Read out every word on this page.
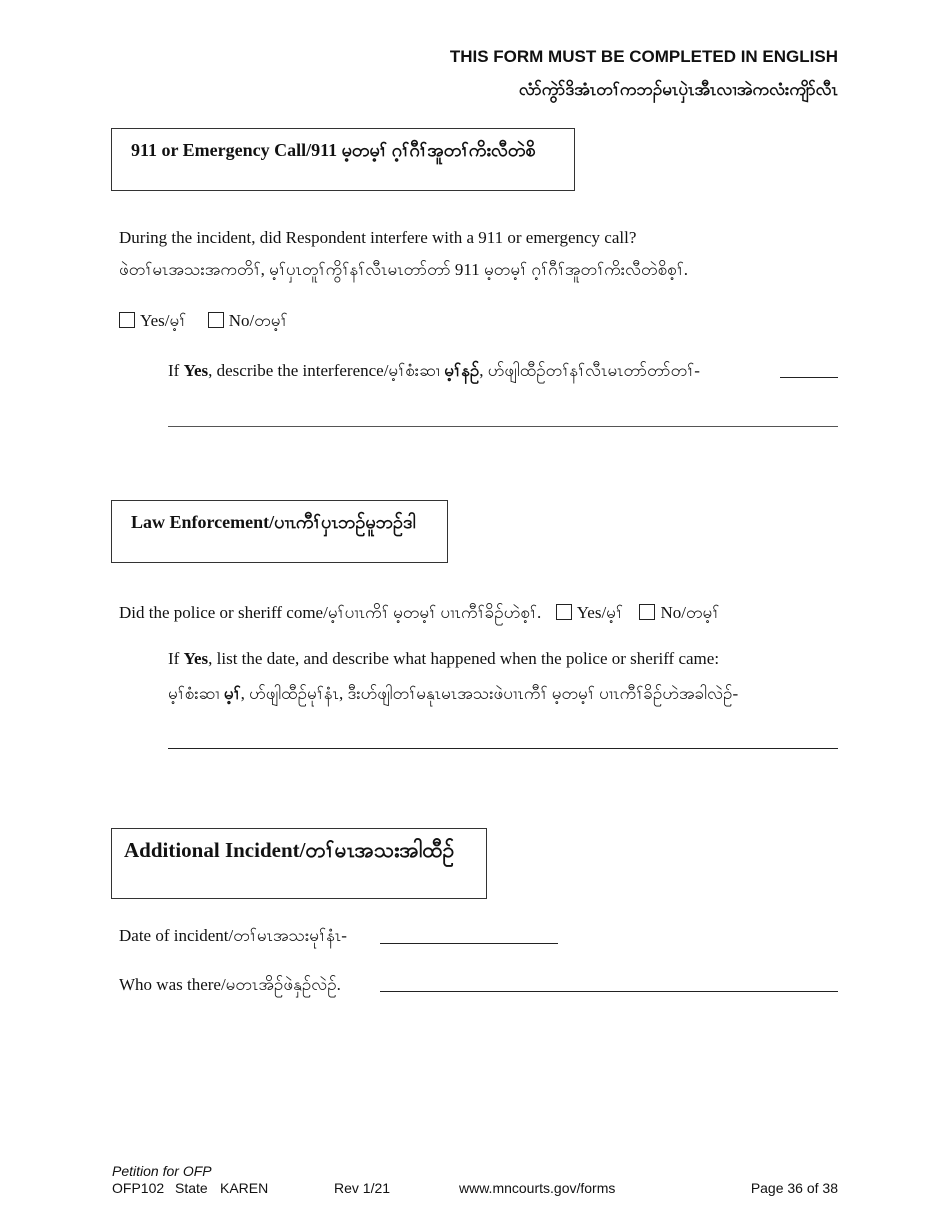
THIS FORM MUST BE COMPLETED IN ENGLISH
လံာ်ကွဲာ်ဒိအံၤတၢ်ကဘၣ်မၤပှဲၤအီၤလၢအဲကလံးကျိာ်လီၤ
911 or Emergency Call/911 မ့တမ့ၢ် ဂ့ၢ်ဂီၢ်အူတၢ်ကိးလီတဲစိ
During the incident, did Respondent interfere with a 911 or emergency call?
ဖဲတၢ်မၤအသးအကတိၢ်, မ့ၢ်ပှၤတူၢ်ကွိၢ်နၢ်လီၤမၤတာ်တာ် 911 မ့တမ့ၢ် ဂ့ၢ်ဂီၢ်အူတၢ်ကိးလီတဲစိစ့ၢ်.
Yes/မ့ၢ်	No/တမ့ၢ်
If Yes, describe the interference/မ့ၢ်စံးဆၢ မ့ၢ်နဉ်, ဟ်ဖျါထီဉ်တၢ်နၢ်လီၤမၤတာ်တာ်တၢ်-
Law Enforcement/ပၢၤကီၢ်ပှၤဘဉ်မူဘဉ်ဒါ
Did the police or sheriff come/မ့ၢ်ပၢၤကိၢ် မ့တမ့ၢ် ပၢၤကီၢ်ခိဉ်ဟဲစ့ၢ်. Yes/မ့ၢ် No/တမ့ၢ်
If Yes, list the date, and describe what happened when the police or sheriff came:
မ့ၢ်စံးဆၢ မ့ၢ်, ဟ်ဖျါထီဉ်မုၢ်နံၤ, ဒီးဟ်ဖျါတၢ်မနုၤမၤအသးဖဲပၢၤကီၢ် မ့တမ့ၢ် ပၢၤကီၢ်ခိဉ်ဟဲအခါလဲဉ်-
Additional Incident/တၢ်မၤအသးအါထီဉ်
Date of incident/တၢ်မၤအသးမုၢ်နံၤ-
Who was there/မတၤအိဉ်ဖဲနှဉ်လဲဉ်.
Petition for OFP
OFP102 State KAREN	Rev 1/21	www.mncourts.gov/forms	Page 36 of 38
